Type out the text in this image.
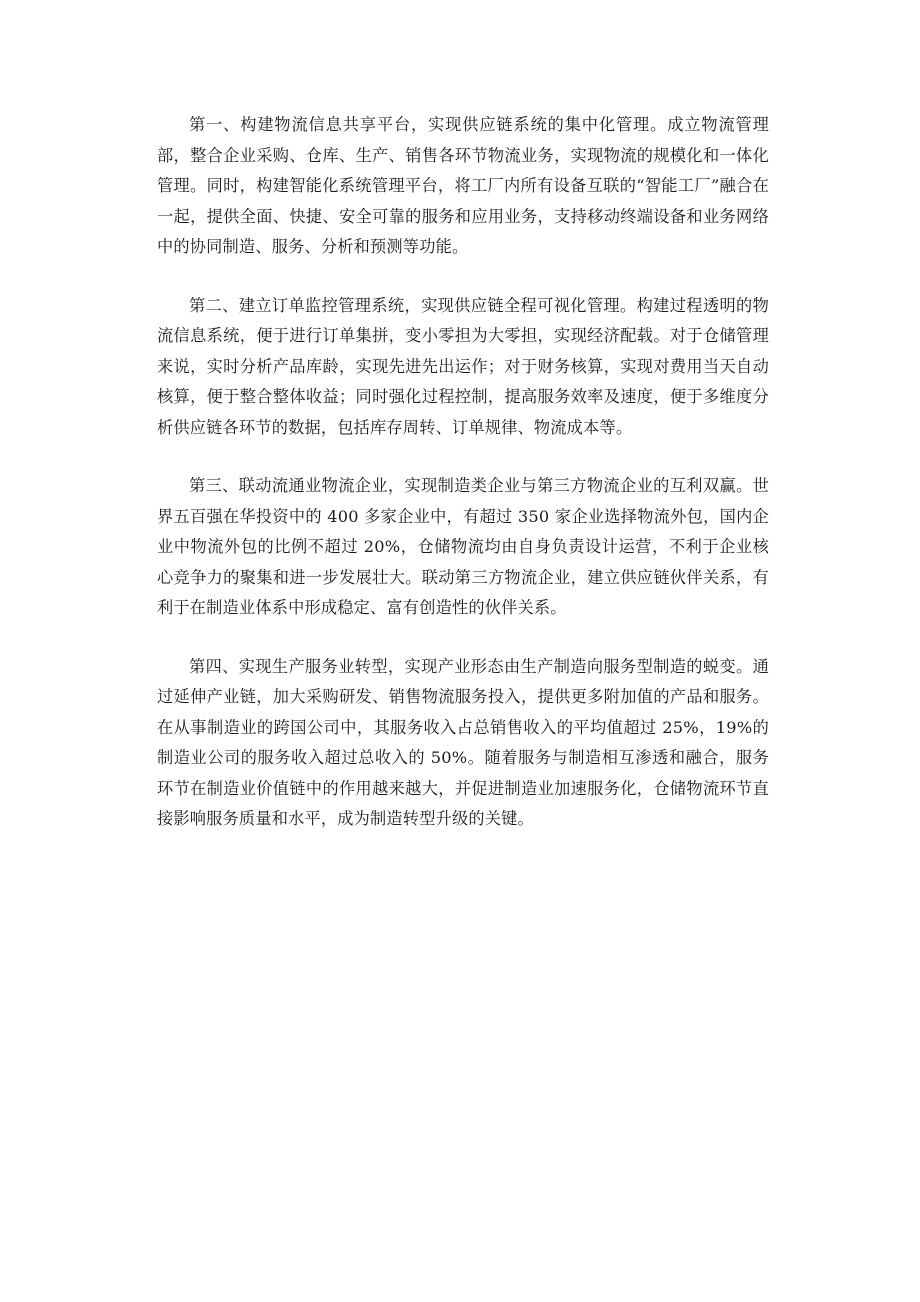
第一、构建物流信息共享平台，实现供应链系统的集中化管理。成立物流管理部，整合企业采购、仓库、生产、销售各环节物流业务，实现物流的规模化和一体化管理。同时，构建智能化系统管理平台，将工厂内所有设备互联的“智能工厂”融合在一起，提供全面、快捷、安全可靠的服务和应用业务，支持移动终端设备和业务网络中的协同制造、服务、分析和预测等功能。

第二、建立订单监控管理系统，实现供应链全程可视化管理。构建过程透明的物流信息系统，便于进行订单集拼，变小零担为大零担，实现经济配载。对于仓储管理来说，实时分析产品库龄，实现先进先出运作；对于财务核算，实现对费用当天自动核算，便于整合整体收益；同时强化过程控制，提高服务效率及速度，便于多维度分析供应链各环节的数据，包括库存周转、订单规律、物流成本等。

第三、联动流通业物流企业，实现制造类企业与第三方物流企业的互利双赢。世界五百强在华投资中的 400 多家企业中，有超过 350 家企业选择物流外包，国内企业中物流外包的比例不超过 20%，仓储物流均由自身负责设计运营，不利于企业核心竞争力的聚集和进一步发展壮大。联动第三方物流企业，建立供应链伙伴关系，有利于在制造业体系中形成稳定、富有创造性的伙伴关系。

第四、实现生产服务业转型，实现产业形态由生产制造向服务型制造的蜕变。通过延伸产业链，加大采购研发、销售物流服务投入，提供更多附加值的产品和服务。在从事制造业的跨国公司中，其服务收入占总销售收入的平均值超过 25%，19%的制造业公司的服务收入超过总收入的 50%。随着服务与制造相互渗透和融合，服务环节在制造业价值链中的作用越来越大，并促进制造业加速服务化，仓储物流环节直接影响服务质量和水平，成为制造转型升级的关键。
